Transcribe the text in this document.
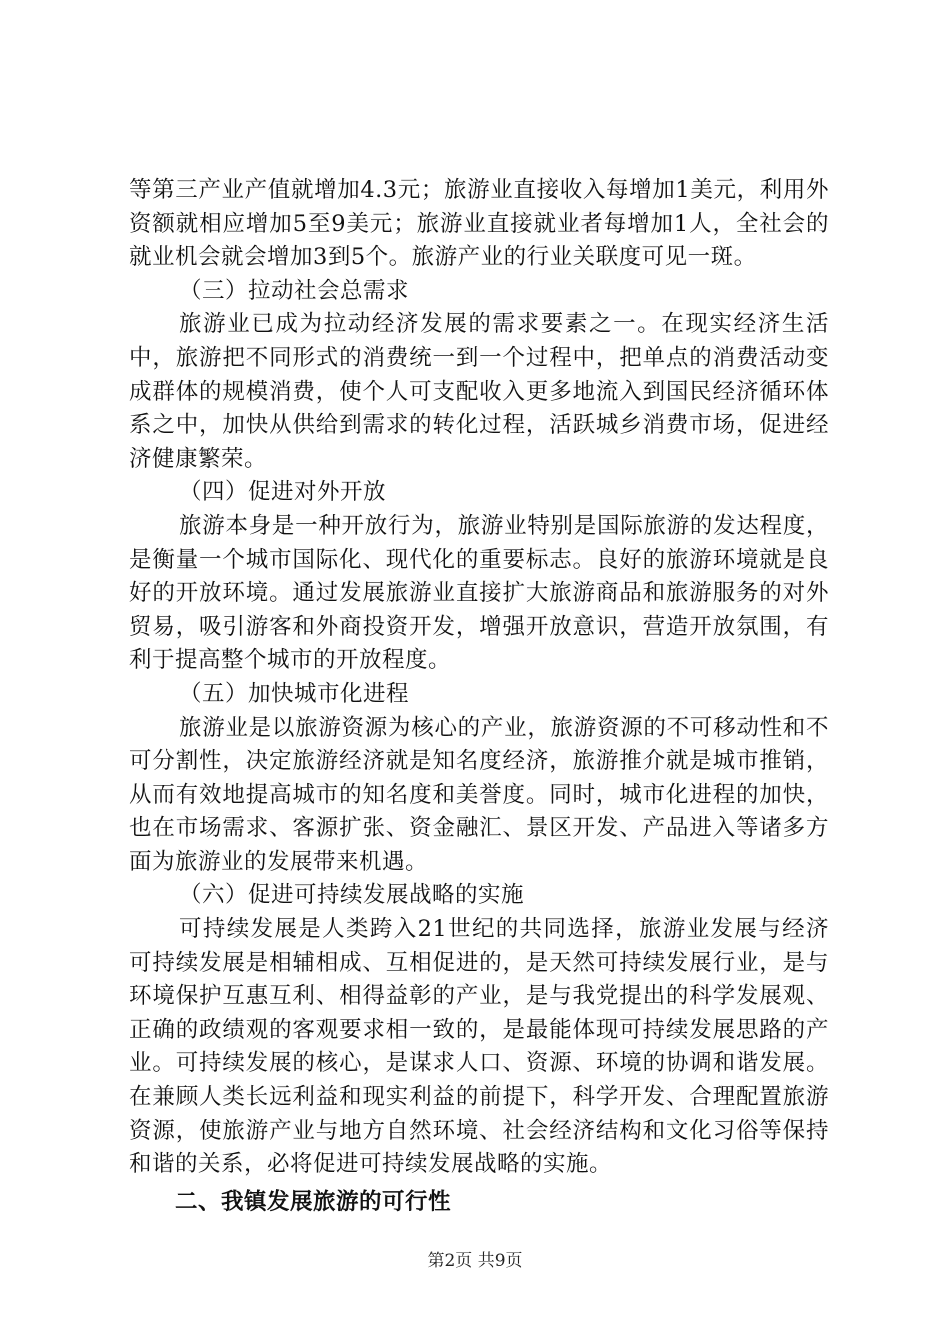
等第三产业产值就增加4.3元；旅游业直接收入每增加1美元，利用外资额就相应增加5至9美元；旅游业直接就业者每增加1人，全社会的就业机会就会增加3到5个。旅游产业的行业关联度可见一斑。

（三）拉动社会总需求

旅游业已成为拉动经济发展的需求要素之一。在现实经济生活中，旅游把不同形式的消费统一到一个过程中，把单点的消费活动变成群体的规模消费，使个人可支配收入更多地流入到国民经济循环体系之中，加快从供给到需求的转化过程，活跃城乡消费市场，促进经济健康繁荣。

（四）促进对外开放

旅游本身是一种开放行为，旅游业特别是国际旅游的发达程度，是衡量一个城市国际化、现代化的重要标志。良好的旅游环境就是良好的开放环境。通过发展旅游业直接扩大旅游商品和旅游服务的对外贸易，吸引游客和外商投资开发，增强开放意识，营造开放氛围，有利于提高整个城市的开放程度。

（五）加快城市化进程

旅游业是以旅游资源为核心的产业，旅游资源的不可移动性和不可分割性，决定旅游经济就是知名度经济，旅游推介就是城市推销，从而有效地提高城市的知名度和美誉度。同时，城市化进程的加快，也在市场需求、客源扩张、资金融汇、景区开发、产品进入等诸多方面为旅游业的发展带来机遇。

（六）促进可持续发展战略的实施

可持续发展是人类跨入21世纪的共同选择，旅游业发展与经济可持续发展是相辅相成、互相促进的，是天然可持续发展行业，是与环境保护互惠互利、相得益彰的产业，是与我党提出的科学发展观、正确的政绩观的客观要求相一致的，是最能体现可持续发展思路的产业。可持续发展的核心，是谋求人口、资源、环境的协调和谐发展。在兼顾人类长远利益和现实利益的前提下，科学开发、合理配置旅游资源，使旅游产业与地方自然环境、社会经济结构和文化习俗等保持和谐的关系，必将促进可持续发展战略的实施。

二、我镇发展旅游的可行性
第2页 共9页
